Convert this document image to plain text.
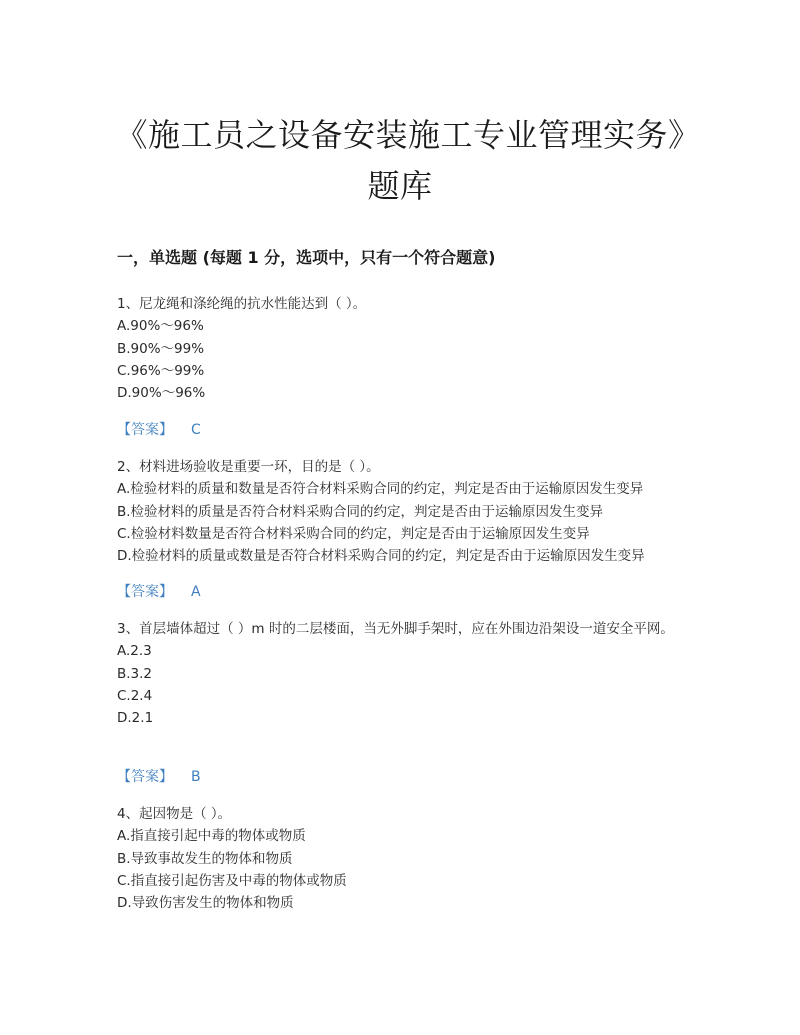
《施工员之设备安装施工专业管理实务》题库
一，单选题 (每题 1 分，选项中，只有一个符合题意)
1、尼龙绳和涤纶绳的抗水性能达到（ ）。
A.90%～96%
B.90%～99%
C.96%～99%
D.90%～96%
【答案】 C
2、材料进场验收是重要一环，目的是（ ）。
A.检验材料的质量和数量是否符合材料采购合同的约定，判定是否由于运输原因发生变异
B.检验材料的质量是否符合材料采购合同的约定，判定是否由于运输原因发生变异
C.检验材料数量是否符合材料采购合同的约定，判定是否由于运输原因发生变异
D.检验材料的质量或数量是否符合材料采购合同的约定，判定是否由于运输原因发生变异
【答案】 A
3、首层墙体超过（ ）m 时的二层楼面，当无外脚手架时，应在外围边沿架设一道安全平网。
A.2.3
B.3.2
C.2.4
D.2.1
【答案】 B
4、起因物是（ ）。
A.指直接引起中毒的物体或物质
B.导致事故发生的物体和物质
C.指直接引起伤害及中毒的物体或物质
D.导致伤害发生的物体和物质
